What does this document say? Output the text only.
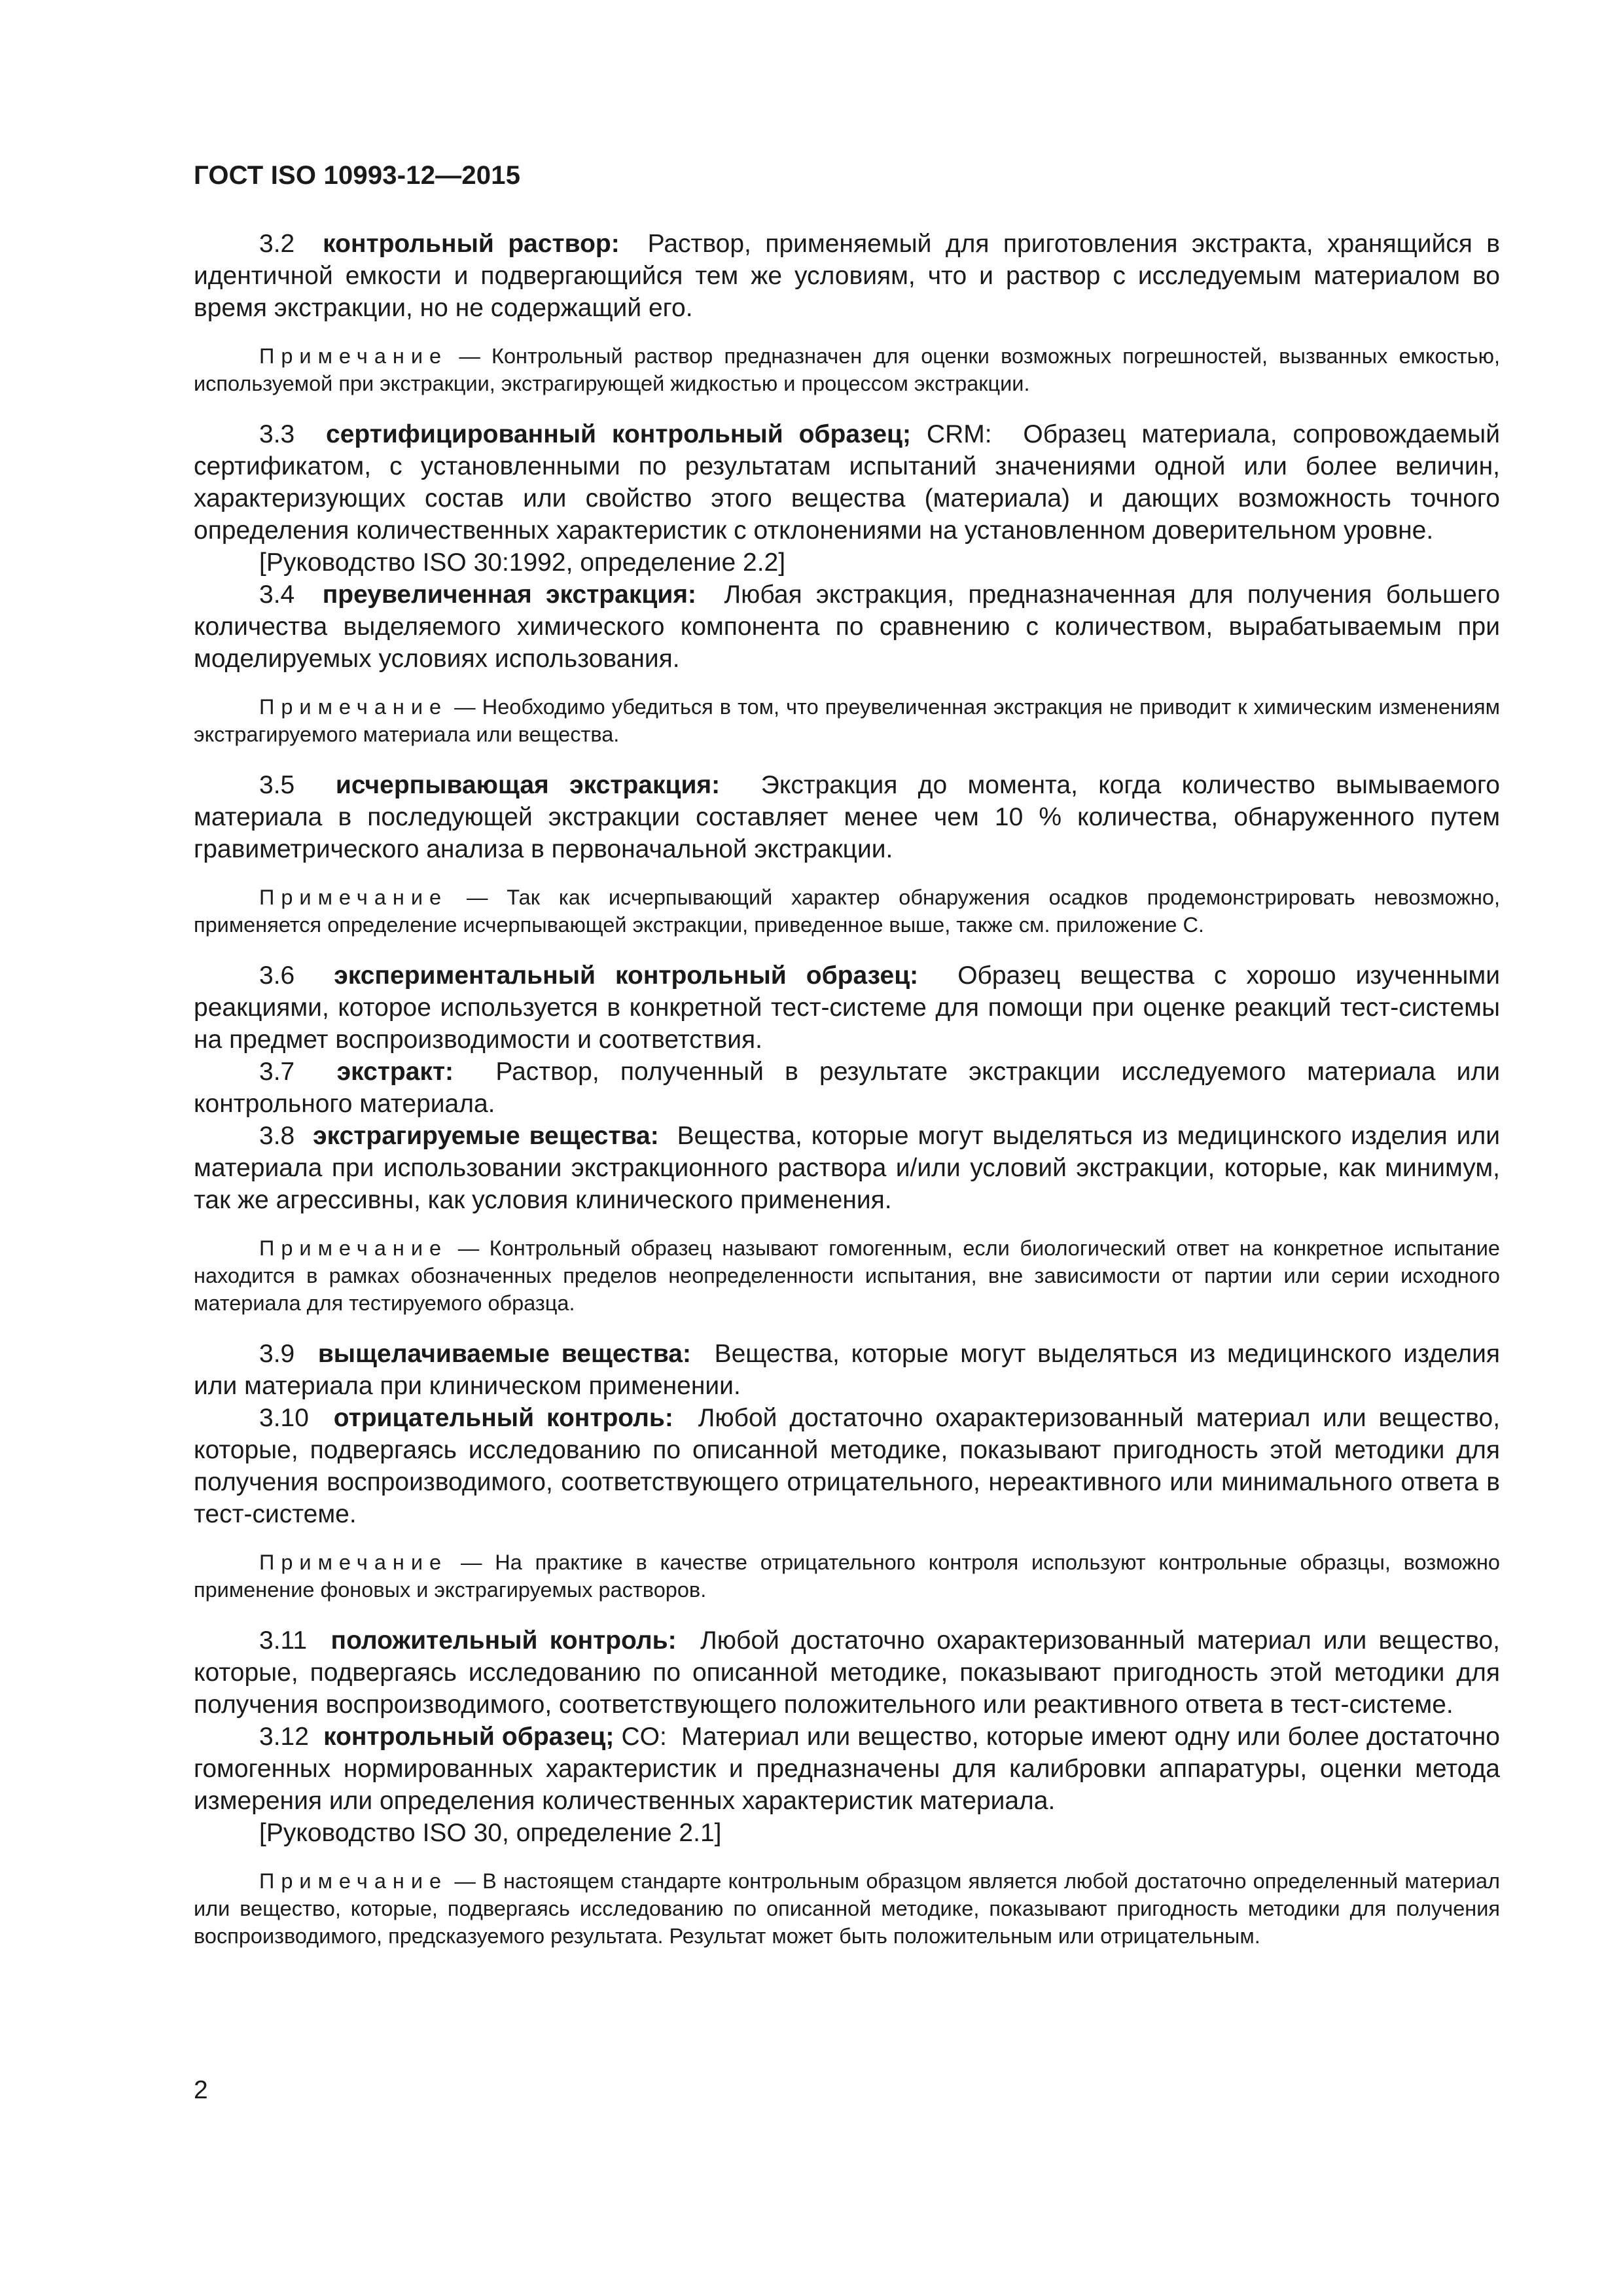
ГОСТ ISO 10993-12—2015

3.2 контрольный раствор: Раствор, применяемый для приготовления экстракта, хранящийся в идентичной емкости и подвергающийся тем же условиям, что и раствор с исследуемым материалом во время экстракции, но не содержащий его.

Примечание — Контрольный раствор предназначен для оценки возможных погрешностей, вызванных емкостью, используемой при экстракции, экстрагирующей жидкостью и процессом экстракции.

3.3 сертифицированный контрольный образец; CRM: Образец материала, сопровождаемый сертификатом, с установленными по результатам испытаний значениями одной или более величин, характеризующих состав или свойство этого вещества (материала) и дающих возможность точного определения количественных характеристик с отклонениями на установленном доверительном уровне.

[Руководство ISO 30:1992, определение 2.2]

3.4 преувеличенная экстракция: Любая экстракция, предназначенная для получения большего количества выделяемого химического компонента по сравнению с количеством, вырабатываемым при моделируемых условиях использования.

Примечание — Необходимо убедиться в том, что преувеличенная экстракция не приводит к химическим изменениям экстрагируемого материала или вещества.

3.5 исчерпывающая экстракция: Экстракция до момента, когда количество вымываемого материала в последующей экстракции составляет менее чем 10 % количества, обнаруженного путем гравиметрического анализа в первоначальной экстракции.

Примечание — Так как исчерпывающий характер обнаружения осадков продемонстрировать невозможно, применяется определение исчерпывающей экстракции, приведенное выше, также см. приложение С.

3.6 экспериментальный контрольный образец: Образец вещества с хорошо изученными реакциями, которое используется в конкретной тест-системе для помощи при оценке реакций тест-системы на предмет воспроизводимости и соответствия.

3.7 экстракт: Раствор, полученный в результате экстракции исследуемого материала или контрольного материала.

3.8 экстрагируемые вещества: Вещества, которые могут выделяться из медицинского изделия или материала при использовании экстракционного раствора и/или условий экстракции, которые, как минимум, так же агрессивны, как условия клинического применения.

Примечание — Контрольный образец называют гомогенным, если биологический ответ на конкретное испытание находится в рамках обозначенных пределов неопределенности испытания, вне зависимости от партии или серии исходного материала для тестируемого образца.

3.9 выщелачиваемые вещества: Вещества, которые могут выделяться из медицинского изделия или материала при клиническом применении.

3.10 отрицательный контроль: Любой достаточно охарактеризованный материал или вещество, которые, подвергаясь исследованию по описанной методике, показывают пригодность этой методики для получения воспроизводимого, соответствующего отрицательного, нереактивного или минимального ответа в тест-системе.

Примечание — На практике в качестве отрицательного контроля используют контрольные образцы, возможно применение фоновых и экстрагируемых растворов.

3.11 положительный контроль: Любой достаточно охарактеризованный материал или вещество, которые, подвергаясь исследованию по описанной методике, показывают пригодность этой методики для получения воспроизводимого, соответствующего положительного или реактивного ответа в тест-системе.

3.12 контрольный образец; CO: Материал или вещество, которые имеют одну или более достаточно гомогенных нормированных характеристик и предназначены для калибровки аппаратуры, оценки метода измерения или определения количественных характеристик материала.

[Руководство ISO 30, определение 2.1]

Примечание — В настоящем стандарте контрольным образцом является любой достаточно определенный материал или вещество, которые, подвергаясь исследованию по описанной методике, показывают пригодность методики для получения воспроизводимого, предсказуемого результата. Результат может быть положительным или отрицательным.

2
